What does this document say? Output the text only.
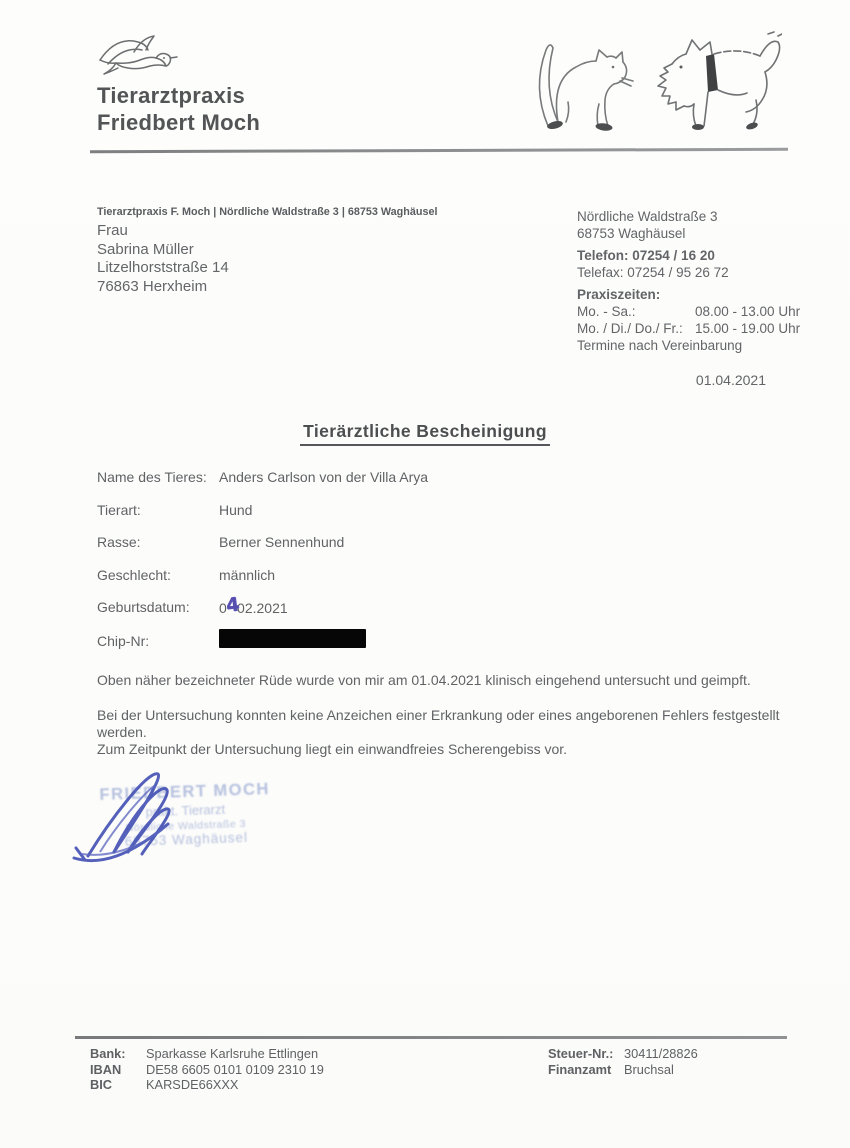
Tierarztpraxis
Friedbert Moch
Tierarztpraxis F. Moch | Nördliche Waldstraße 3 | 68753 Waghäusel
Frau
Sabrina Müller
Litzelhorststraße 14
76863 Herxheim
Nördliche Waldstraße 3
68753 Waghäusel
Telefon: 07254 / 16 20
Telefax: 07254 / 95 26 72
Praxiszeiten:
Mo. - Sa.:	08.00 - 13.00 Uhr
Mo. / Di./ Do./ Fr.: 15.00 - 19.00 Uhr
Termine nach Vereinbarung
01.04.2021
Tierärztliche Bescheinigung
Name des Tieres: Anders Carlson von der Villa Arya
Tierart:	Hund
Rasse:	Berner Sennenhund
Geschlecht:	männlich
Geburtsdatum:	0402.2021
Chip-Nr:

Oben näher bezeichneter Rüde wurde von mir am 01.04.2021 klinisch eingehend untersucht und geimpft.

Bei der Untersuchung konnten keine Anzeichen einer Erkrankung oder eines angeborenen Fehlers festgestellt werden.

Zum Zeitpunkt der Untersuchung liegt ein einwandfreies Scherengebiss vor.

FRIEDBERT MOCH
prakt. Tierarzt
Nördliche Waldstraße 3
68753 Waghäusel
Bank:	Sparkasse Karlsruhe Ettlingen
IBAN	DE58 6605 0101 0109 2310 19
BIC	KARSDE66XXX
Steuer-Nr.: 30411/28826
Finanzamt Bruchsal
